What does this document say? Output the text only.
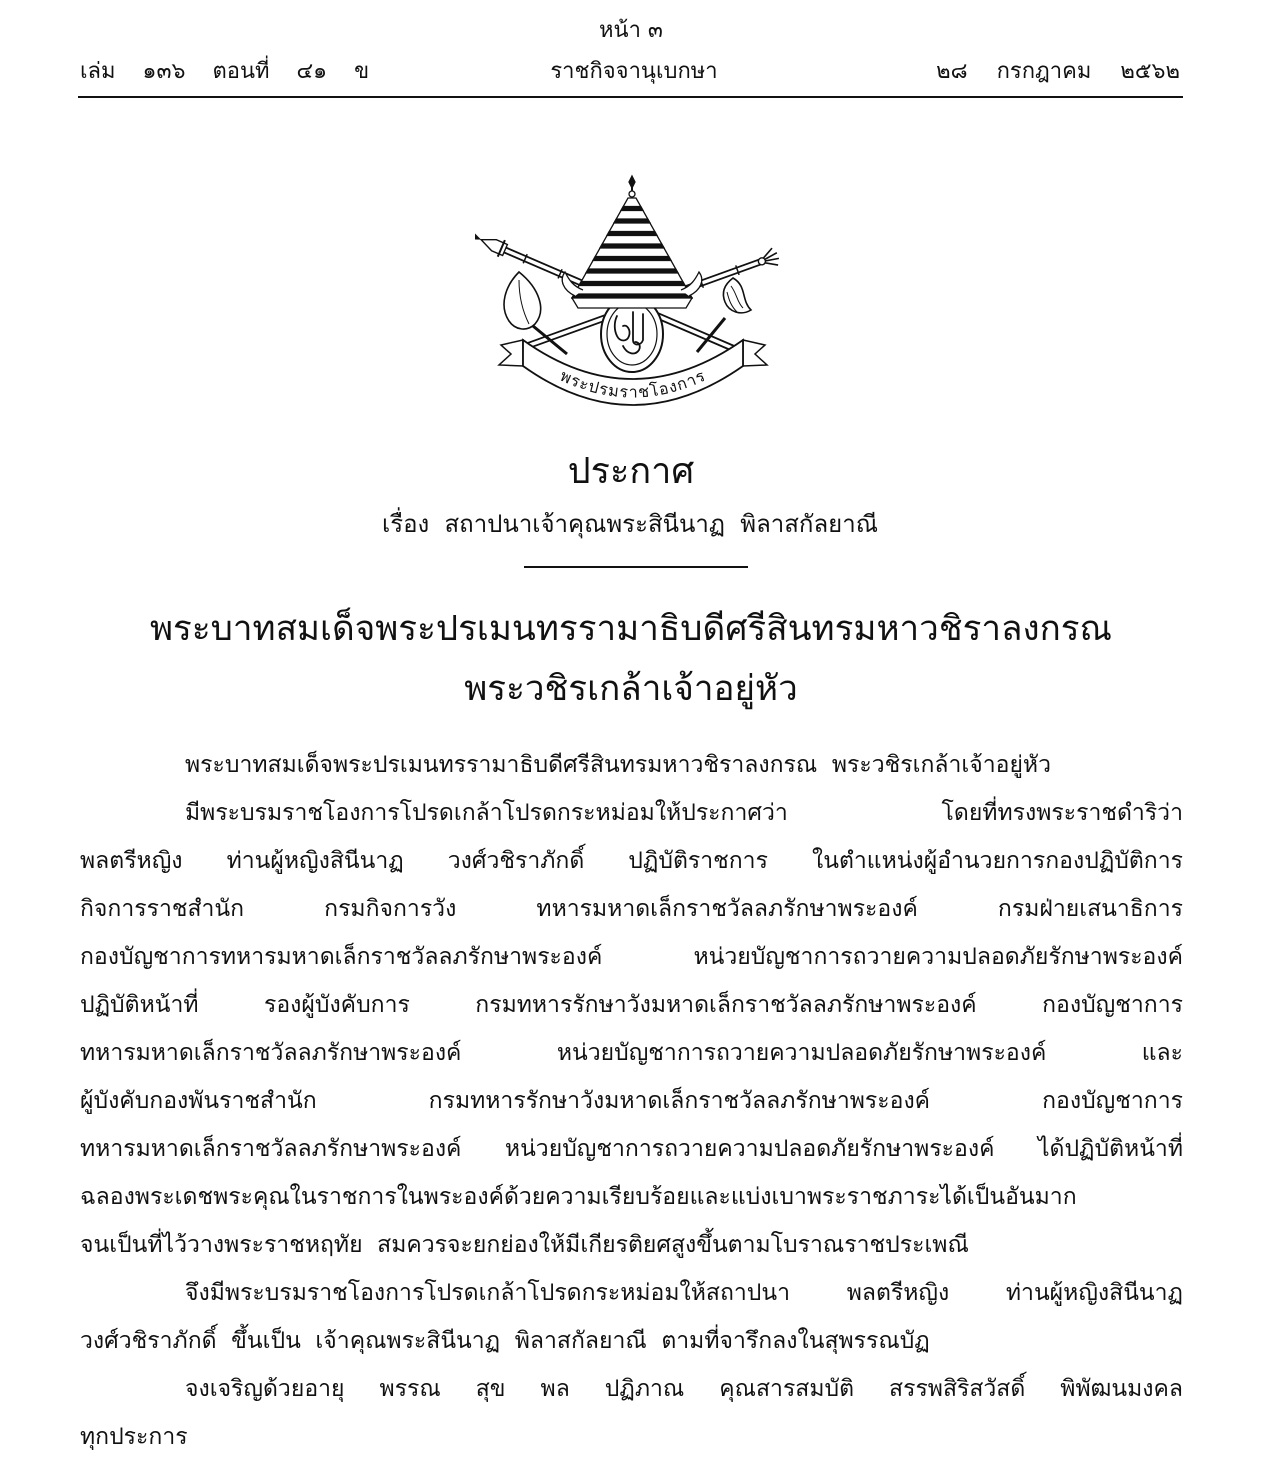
หน้า ๓
เล่ม ๑๓๖ ตอนที่ ๔๑ ข	ราชกิจจานุเบกษา	๒๘ กรกฎาคม ๒๕๖๒
พระปรมราชโองการ
ประกาศ
เรื่อง  สถาปนาเจ้าคุณพระสินีนาฏ  พิลาสกัลยาณี
พระบาทสมเด็จพระปรเมนทรรามาธิบดีศรีสินทรมหาวชิราลงกรณ
พระวชิรเกล้าเจ้าอยู่หัว
พระบาทสมเด็จพระปรเมนทรรามาธิบดีศรีสินทรมหาวชิราลงกรณ  พระวชิรเกล้าเจ้าอยู่หัว
มีพระบรมราชโองการโปรดเกล้าโปรดกระหม่อมให้ประกาศว่า โดยที่ทรงพระราชดำริว่า
พลตรีหญิง ท่านผู้หญิงสินีนาฏ วงศ์วชิราภักดิ์ ปฏิบัติราชการ ในตำแหน่งผู้อำนวยการกองปฏิบัติการ
กิจการราชสำนัก กรมกิจการวัง ทหารมหาดเล็กราชวัลลภรักษาพระองค์ กรมฝ่ายเสนาธิการ
กองบัญชาการทหารมหาดเล็กราชวัลลภรักษาพระองค์ หน่วยบัญชาการถวายความปลอดภัยรักษาพระองค์
ปฏิบัติหน้าที่ รองผู้บังคับการ กรมทหารรักษาวังมหาดเล็กราชวัลลภรักษาพระองค์ กองบัญชาการ
ทหารมหาดเล็กราชวัลลภรักษาพระองค์ หน่วยบัญชาการถวายความปลอดภัยรักษาพระองค์ และ
ผู้บังคับกองพันราชสำนัก กรมทหารรักษาวังมหาดเล็กราชวัลลภรักษาพระองค์ กองบัญชาการ
ทหารมหาดเล็กราชวัลลภรักษาพระองค์ หน่วยบัญชาการถวายความปลอดภัยรักษาพระองค์ ได้ปฏิบัติหน้าที่
ฉลองพระเดชพระคุณในราชการในพระองค์ด้วยความเรียบร้อยและแบ่งเบาพระราชภาระได้เป็นอันมาก
จนเป็นที่ไว้วางพระราชหฤทัย  สมควรจะยกย่องให้มีเกียรติยศสูงขึ้นตามโบราณราชประเพณี
จึงมีพระบรมราชโองการโปรดเกล้าโปรดกระหม่อมให้สถาปนา พลตรีหญิง ท่านผู้หญิงสินีนาฏ
วงศ์วชิราภักดิ์  ขึ้นเป็น  เจ้าคุณพระสินีนาฏ  พิลาสกัลยาณี  ตามที่จารึกลงในสุพรรณบัฏ
จงเจริญด้วยอายุ พรรณ สุข พล ปฏิภาณ คุณสารสมบัติ สรรพสิริสวัสดิ์ พิพัฒนมงคล
ทุกประการ
